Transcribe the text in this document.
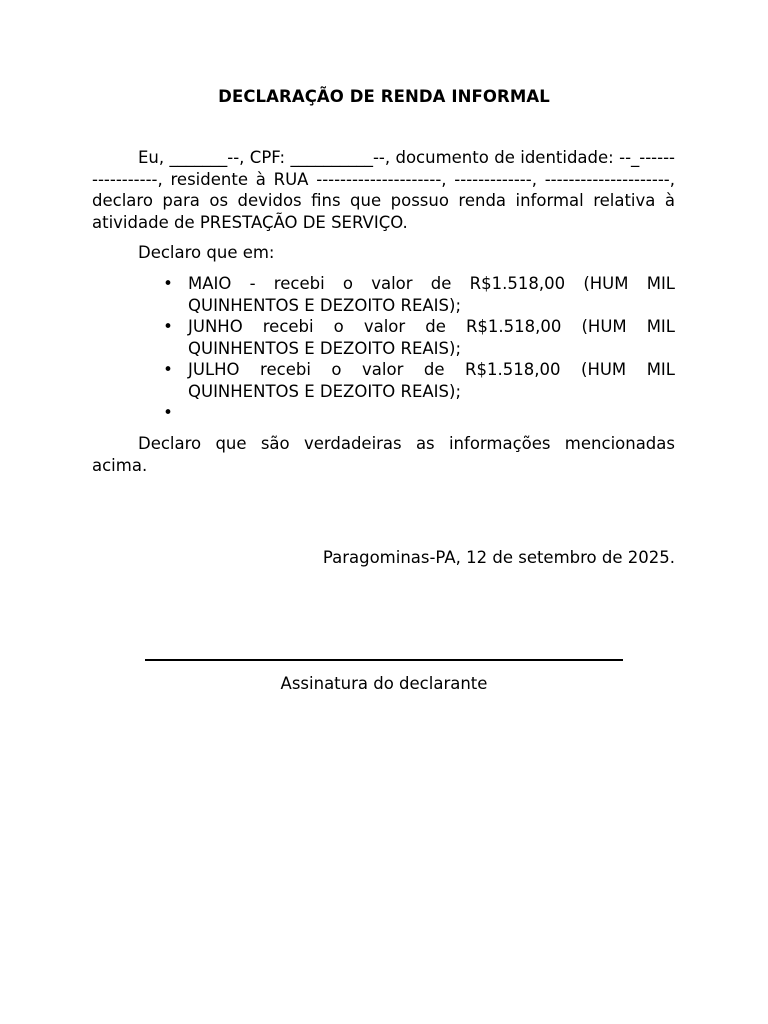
DECLARAÇÃO DE RENDA INFORMAL
Eu, _______--, CPF: __________--, documento de identidade: --_-----------------, residente à RUA ---------------------, -------------, ---------------------, declaro para os devidos fins que possuo renda informal relativa à atividade de PRESTAÇÃO DE SERVIÇO.
Declaro que em:
• MAIO - recebi o valor de R$1.518,00 (HUM MIL QUINHENTOS E DEZOITO REAIS);
• JUNHO recebi o valor de R$1.518,00 (HUM MIL QUINHENTOS E DEZOITO REAIS);
• JULHO recebi o valor de R$1.518,00 (HUM MIL QUINHENTOS E DEZOITO REAIS);
•
Declaro que são verdadeiras as informações mencionadas acima.
Paragominas-PA, 12 de setembro de 2025.
Assinatura do declarante
